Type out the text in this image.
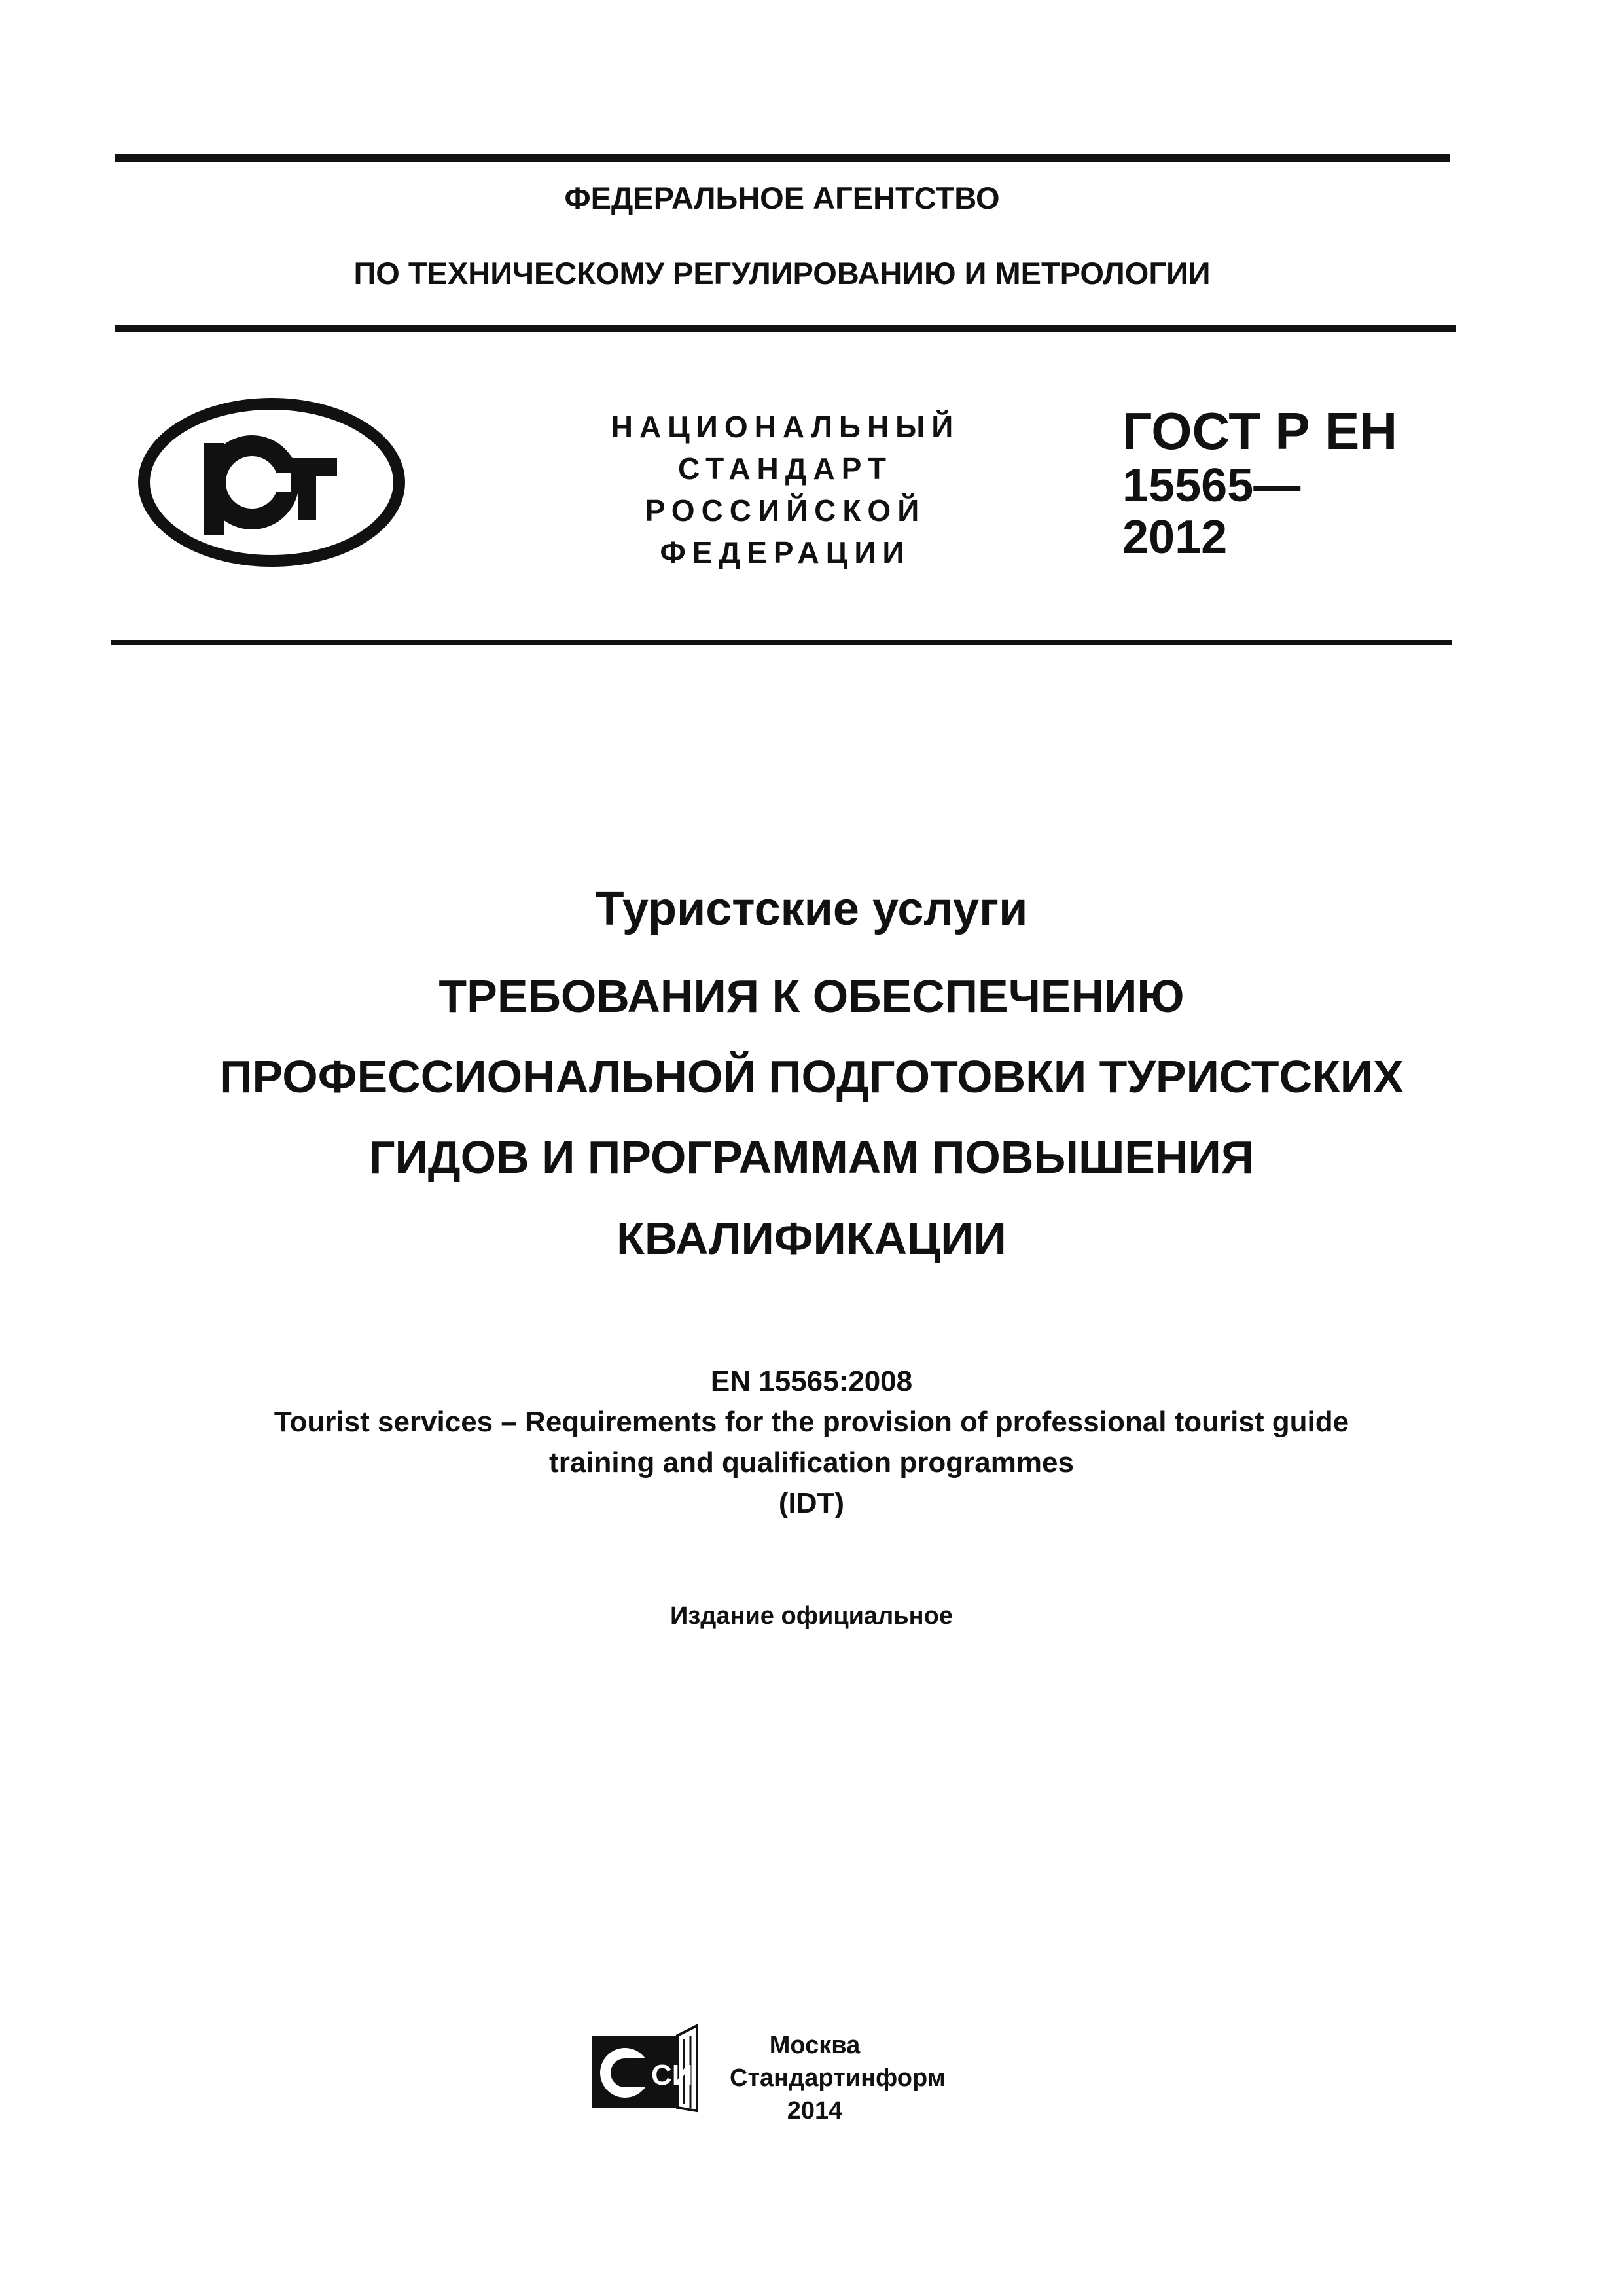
ФЕДЕРАЛЬНОЕ АГЕНТСТВО
ПО ТЕХНИЧЕСКОМУ РЕГУЛИРОВАНИЮ И МЕТРОЛОГИИ
НАЦИОНАЛЬНЫЙ
СТАНДАРТ
РОССИЙСКОЙ
ФЕДЕРАЦИИ
ГОСТ Р ЕН
15565—
2012
Туристские услуги
ТРЕБОВАНИЯ К ОБЕСПЕЧЕНИЮ
ПРОФЕССИОНАЛЬНОЙ ПОДГОТОВКИ ТУРИСТСКИХ
ГИДОВ И ПРОГРАММАМ ПОВЫШЕНИЯ
КВАЛИФИКАЦИИ
EN 15565:2008
Tourist services – Requirements for the provision of professional tourist guide
training and qualification programmes
(IDT)
Издание официальное
СИ
Москва
Стандартинформ
2014
